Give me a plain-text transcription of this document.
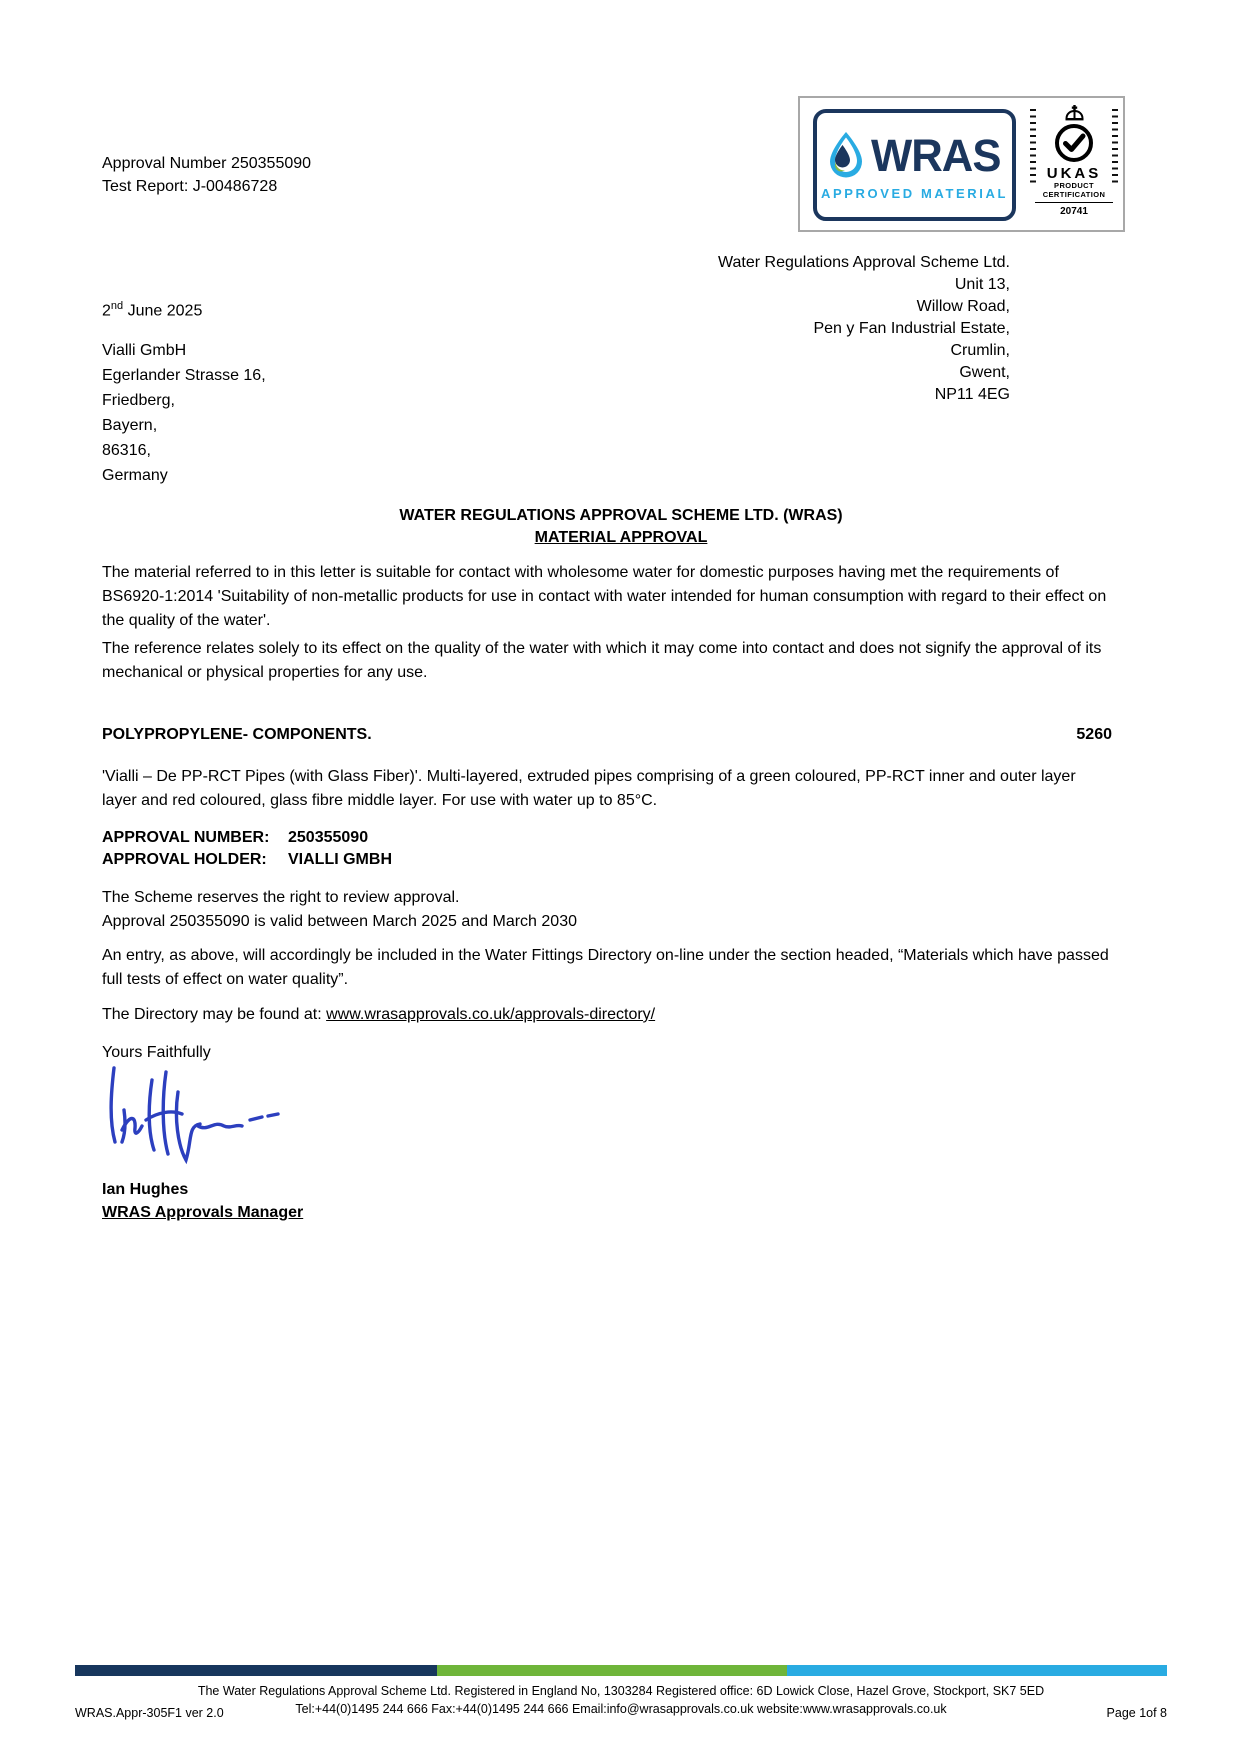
Approval Number 250355090
Test Report: J-00486728
WRAS
APPROVED MATERIAL
UKAS
PRODUCT
CERTIFICATION
20741
Water Regulations Approval Scheme Ltd.
Unit 13,
Willow Road,
Pen y Fan Industrial Estate,
Crumlin,
Gwent,
NP11 4EG
2nd June 2025
Vialli GmbH
Egerlander Strasse 16,
Friedberg,
Bayern,
86316,
Germany
WATER REGULATIONS APPROVAL SCHEME LTD. (WRAS)
MATERIAL APPROVAL
The material referred to in this letter is suitable for contact with wholesome water for domestic purposes having met the requirements of BS6920-1:2014 'Suitability of non-metallic products for use in contact with water intended for human consumption with regard to their effect on the quality of the water'.
The reference relates solely to its effect on the quality of the water with which it may come into contact and does not signify the approval of its mechanical or physical properties for any use.
POLYPROPYLENE- COMPONENTS.	5260
'Vialli – De PP-RCT Pipes (with Glass Fiber)'. Multi-layered, extruded pipes comprising of a green coloured, PP-RCT inner and outer layer layer and red coloured, glass fibre middle layer. For use with water up to 85°C.
APPROVAL NUMBER: 250355090
APPROVAL HOLDER: VIALLI GMBH
The Scheme reserves the right to review approval.
Approval 250355090 is valid between March 2025 and March 2030
An entry, as above, will accordingly be included in the Water Fittings Directory on-line under the section headed, “Materials which have passed full tests of effect on water quality”.
The Directory may be found at: www.wrasapprovals.co.uk/approvals-directory/
Yours Faithfully
Ian Hughes
WRAS Approvals Manager
The Water Regulations Approval Scheme Ltd. Registered in England No, 1303284 Registered office: 6D Lowick Close, Hazel Grove, Stockport, SK7 5ED
Tel:+44(0)1495 244 666 Fax:+44(0)1495 244 666 Email:info@wrasapprovals.co.uk website:www.wrasapprovals.co.uk
WRAS.Appr-305F1 ver 2.0	Page 1of 8
